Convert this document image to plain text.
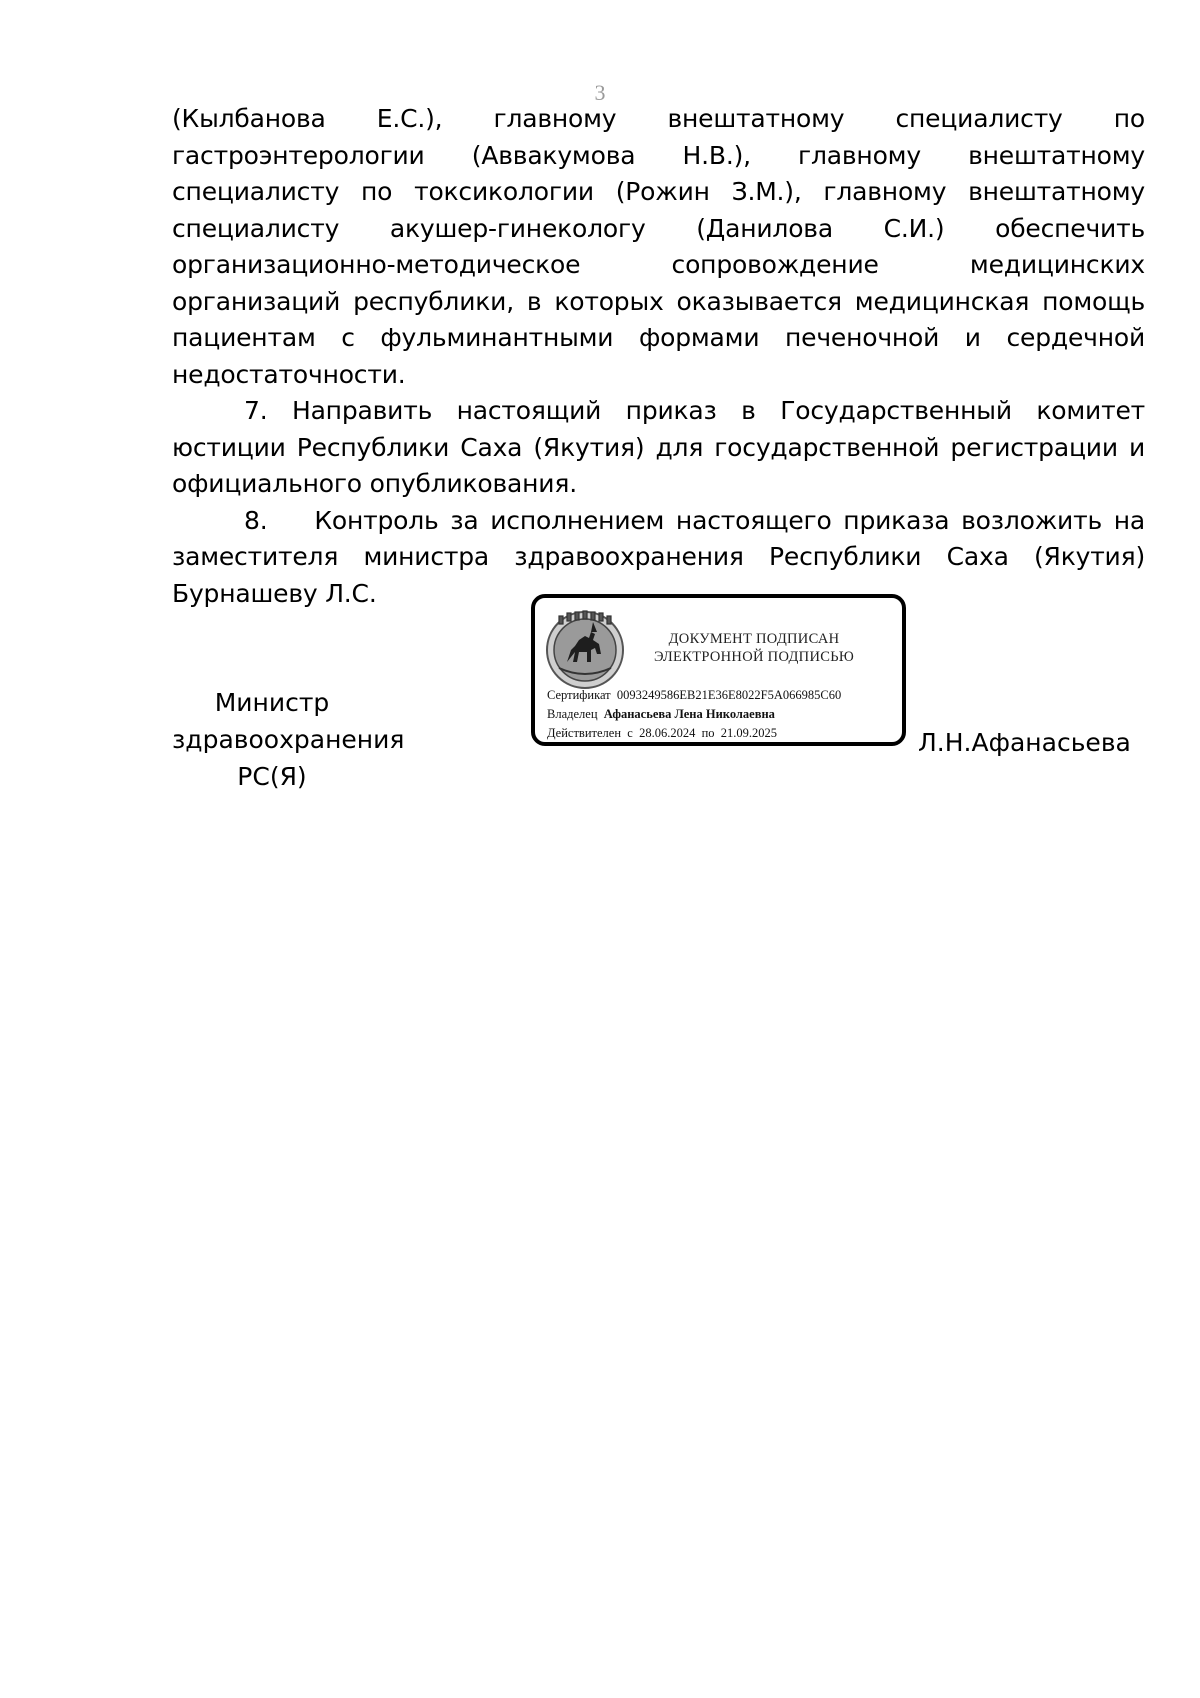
3

(Кылбанова Е.С.), главному внештатному специалисту по гастроэнтерологии (Аввакумова Н.В.), главному внештатному специалисту по токсикологии (Рожин З.М.), главному внештатному специалисту акушер-гинекологу (Данилова С.И.) обеспечить организационно-методическое сопровождение медицинских организаций республики, в которых оказывается медицинская помощь пациентам с фульминантными формами печеночной и сердечной недостаточности.

7. Направить настоящий приказ в Государственный комитет юстиции Республики Саха (Якутия) для государственной регистрации и официального опубликования.

8. Контроль за исполнением настоящего приказа возложить на заместителя министра здравоохранения Республики Саха (Якутия) Бурнашеву Л.С.

Министр
здравоохранения
РС(Я)
ДОКУМЕНТ ПОДПИСАН
ЭЛЕКТРОННОЙ ПОДПИСЬЮ
Сертификат 0093249586EB21E36E8022F5A066985C60
Владелец Афанасьева Лена Николаевна
Действителен с 28.06.2024 по 21.09.2025	Л.Н.Афанасьева
